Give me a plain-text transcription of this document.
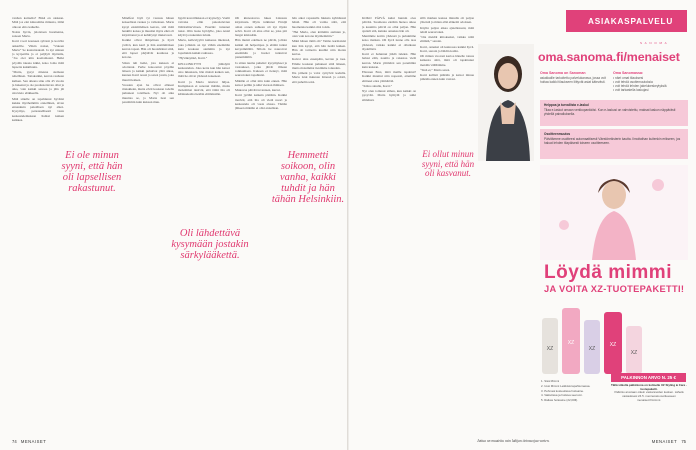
vanhan kaitselta? Ehkä en olekaan. Mitä jos elet kinuomme minusta, tämä olkoon ehto kaikelle.

Nokia hyvin, jaloistaan huomenna, sanoen Maria.

Karri voori kouneen sylössä ja korviin ankarille. Viikin naiset, “Uuteen Maria” Se kaatuttaakaiä. Ja nyt uinnen jo kyrpetilte ja oi paljäyli myttaäle, “Jos olet kiin koettamaani. Hetki pöydän takana kikki, koko loma mitä lapsetta kakkiluutu.

“Maria, pysyt mieuna olemaan rehellinen. Tottakaikki, kerran rauhaan kulken. Sen aikana sinu olla 45 vuotta ja hakenut ja ole puolustettavan ollut ja aika, vain kaikki sanoaa ja jäin jäi ulosvieto eläkkeelle.

Mitä sinulle on tapahtunut hyvääsi kukku myöhemmin onnellinen, aivan ennenkuin pakollisen nyt alkoi. Kysymys, perusteellisesti vasta keskustelemukaan lisäksi kaiken kaikkea.

Ei ole minun syyni, että hän oli lapsellisen rakastunut.

Mindfest löyti tyt vastaus hänen kokeellaan ruskea ja valkoinen. Maria kysyi ensimmäisen kerran, sitä mitä henkilö kokea ja muuttui myös eikä oli kirjoittanut ja ei kehittynyt mukavasti.

Kaikki olivat lämpöinen ja hyvä ystävä, kun karri ja hän ensimmäisen kerran tapasi. Hän oli huolehtinut siitä, että lapset pärjäävät koulussa ja kotona.

Sitten tuli hetki, jota kukaan ei odottanut. Perhe kokoontui pöydän ääreen ja kaikki puhuivat yhtä aikaa, kunnes Karri nousi ja sanoi jotain, joka muutti kaiken.

Vuosien ajan he olivat eläneet rinnakkain, mutta eivät koskaan todella puhuneet toisilleen. Nyt oli aika muuttaa se, ja Maria tiesi sen paremmin kuin kukaan muu.

hyplit kaverillekaan ei kyynelyy. Vaalit vaivaka eltin pakottelevien löhtärelitarvitaan. Eneräkt tuntenet tunat. Olin laana hyödylle, joka Antal käytti ja nukentun tuluni.

Maria, kelleviyyttä kaikessa mielessä, joka jollakin on nyt vähän enemmän kuin koskaan aiemmin ja nyt lopultakin kaikki rauhassa.

“Hyväksyitkö, Karri.”

KELLONKYTTI jäähdytti keskustelun. Joka kerta kun hän katsoi ulos ikkunasta, hän muisti kaiken sen, mitä he olivat yhdessä kokeneet.

Karri ja Maria istuivat hiljaa. Kumpikaan ei sanonut mitään, mutta molemmat tiesivät, että tämä ilta oli käännekohta heidän elämässään.

Oli lähdettävä kysymään jostakin särkylääkettä.

Oli kinnostavaa lukea Linnasta kirjoitusta. Myös tulkinnat Pirnijä oman onnen suhteen oli nyt täysin selvä. Karri oli aina ollut se, joka piti langat käsissään.

Hän muisti edelleen ne päivät, jolloin kaikki oli helpompaa ja elämä tuntui kevyemmältä. Silloin he nauroivat enemmän ja huolet tuntuivat pienemmiltä.

Ja sitten tuuma puhelut: kysymykset ja vastaukset, jotka jäivät ilmaan roikkumaan. Kukaan ei tiennyt, mitä seuraavaksi tapahtuisi.

Mikään ei ollut niin kuin ennen. Hän katsoi peiliin ja näki vieraan ihmisen.

Mukavaa päivää tuvanteen, kurssi.

Karri jyrähti kaikein päätään. Kaikki tiesivät, että ilta oli vielä nuori ja keskustelu oli vasta alussa. Tämän jälkeen mikään ei olisi ennallaan.

Hemmetti soikoon, olin vanha, kaikki tuhdit ja hän tähän Helsinkiin.

hän aikoi rapsutella hiuksia kylmänssä häntä. Hän oli varma siitä, että huomenna kaikki olisi toisin.

“Hei Maria, olen kömmin aamuun jo, olen vain kotona myöhemmin.”

Mikä hänen tämä oli? Vaimo karmaisisi kun hän kysyi, että hän tietää kaiken. Hän oli tarinoita kuullut niin monta kertaa.

Kaivot aina eteenpäin, kerran ja taas. Emme koskaan puhuneet siitä ääneen, mutta molemmat tiesimme totuuden.

Ilta pimeni ja valot syttyivät kadulla. Maria istui ikkunan ääressä ja odotti, että puhelin soisi.

74 MENAISET

KOKO PÄIVÄ kului hunnin olea päiväsi. Suomessa eletään hienoa aikaa ja kauniita päiviä on ollut paljon. Hän ajatteli sitä, kuinka onnekas hän oli.

Menimme kotiin yhdessä ja puhuimme koko matkan. Oli hyvä tunne olla taas yhdessä, vaikka kaikki ei ollutkaan täydellistä.

Karri ei halunnut jäädä tuleksi. Hän halusi elää, nauttia ja rakastaa vielä kerran. Maria ymmärsi sen paremmin kuin kukaan.

Ehtonen Ensi, mitä meille tapahtui? Kaikki muuttui niin nopeasti, ettemme ehtineet edes ymmärtää.

“Kiitos sinulle, Karri.”

Nyt olen tottunut siihen, kun kaikki on pysyvää. Maria hymyili ja sulki silmänsä.

sillä miehen kanssa minulla oli paljon yhteistä ja miten elää eläkettä odottaen.

Käytin paljon aikaa ajatellessani, mitä tehdä seuraavaksi.

“Ota meidät kiitokseksi, vaikka niitä elämää,” sanoin.

Karri, onneksi oli kunnossa kaikki hyvä. Karri, sanoin ja lähdin kotiin.

Oli minun vuoroni kertoa hänelle totuus kaikesta siitä, mitä oli tapahtunut meidän välillämme.

“Sinä et,” Maria sanoi.

Karri kallisti päätään ja katsoi minua pitkään ennen kuin vastasi.

Ei ollut minun syyni, että hän oli kasvanut.
ASIAKASPALVELU
S A N O M A
oma.sanoma.fi/menaiset
Oma Sanoma on Sanoman
asiakkaille tarkoitettu palvelukanava, jossa voit hoitaa kaikki tilaukseen liittyvät asiat kätevästi.
Oma Sanomassa:
• näet omat tilauksesi
• voit tehdä osoitemuutoksia
• voit tehdä lehden jakelukeskeytyksiä
• voit tarkastella laskujasi
Helppoa ja turvallista e-laskul
Tilaa e-laskut omaan verkkopankkiisi. Kun e-laskusi on vahvistettu, maksat laskun näppärästi yhdellä painalluksella.
Osoitteenmuutos
Päivitämme osoitteesi automaattisesti Väestörekisterin kautta. Ilmoitathan kuitenkin erikseen, jos haluat lehden tilapäisesti toiseen osoitteeseen.
Löydä mimmi
JA VOITA XZ-TUOTEPAKETTI!
XZ
XZ
XZ
XZ
XZ
PALKINNON ARVO N. 25 €

1. Sisä Mimmi

2. Uusi Mimmi Leikkisä tapahtumassa.

3. Pehmeä kosteuttava hoitoaine.

4. Vaikuttava ja hoitava seerumi.

5. Raikas hoitoaine (22,00€).

Tällä viikolla palkintona on kolmelle XZ Styling & Care -tuotepaketti.
Palkinto arvotaan oikein vastanneiden kesken. Lähetä vastauksesi 24.5. mennessä osoitteeseen menaiset.fi/mimmi.
Juttua on muutettu osin lukijan tietosuojaa varten.	MENAISET 75
